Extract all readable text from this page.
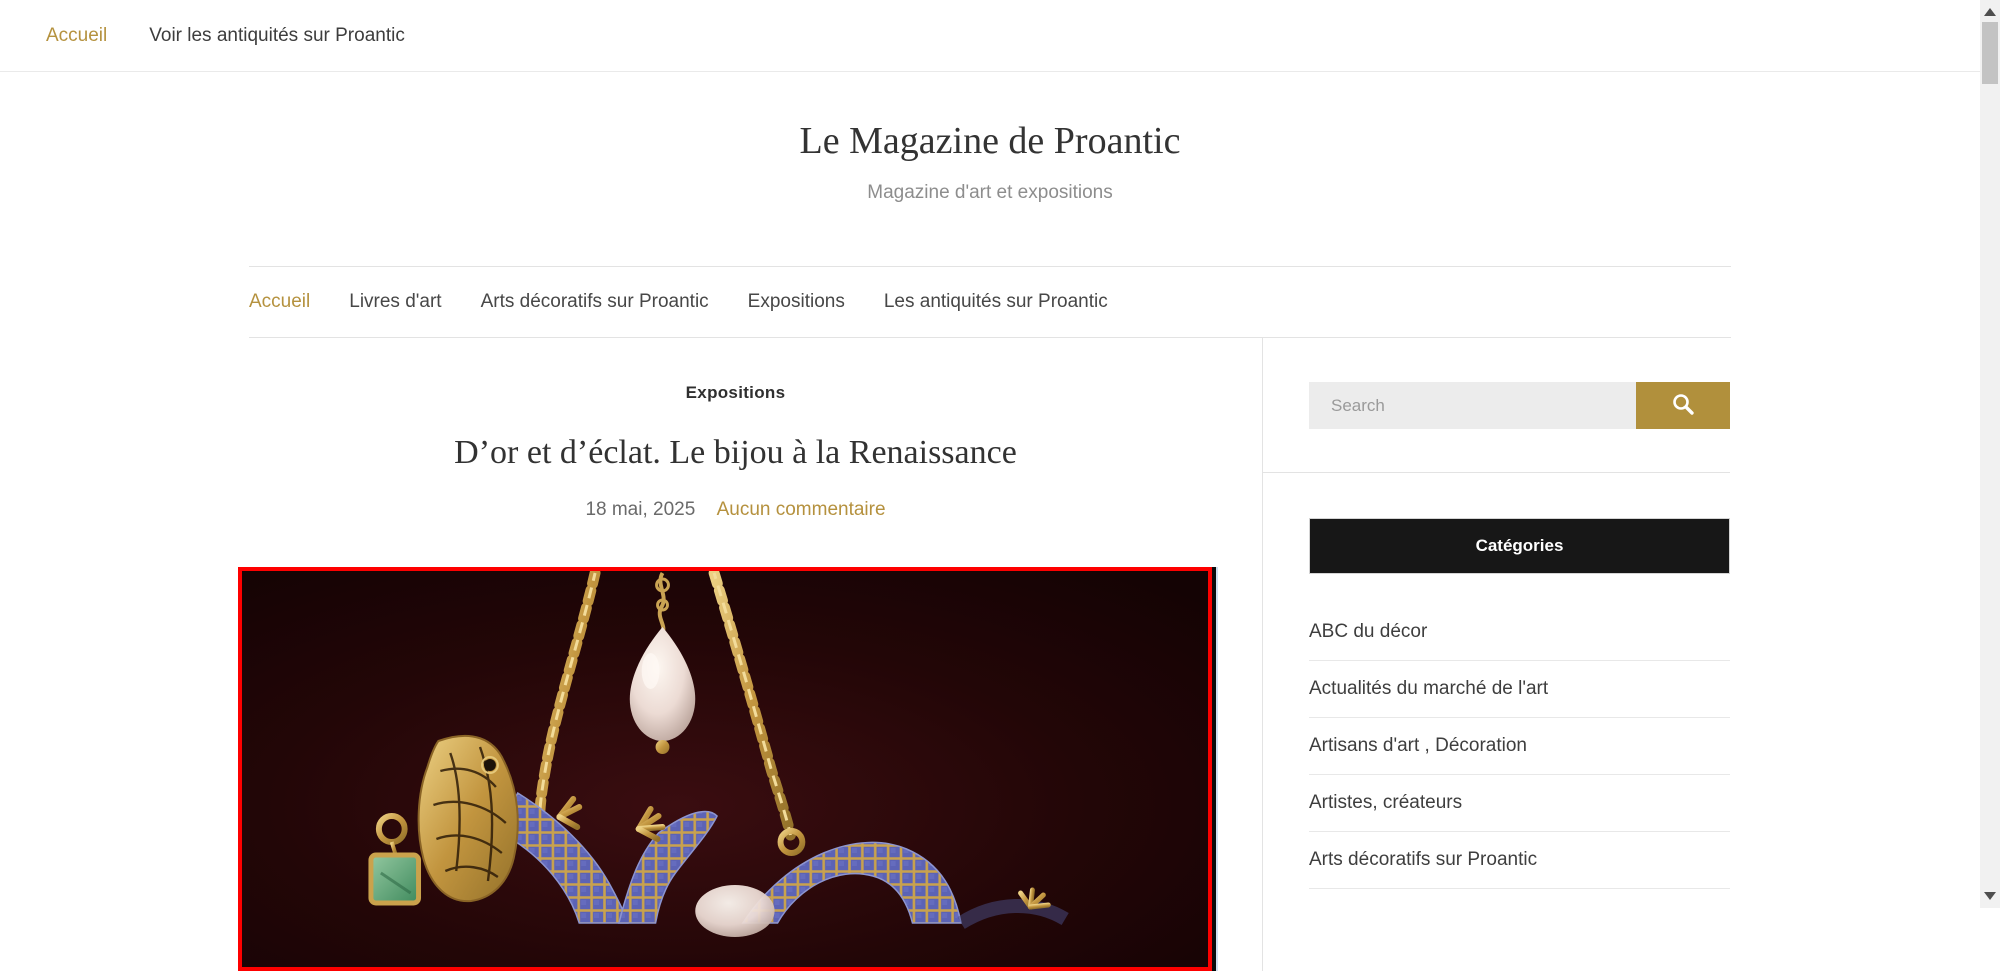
Accueil Voir les antiquités sur Proantic
Le Magazine de Proantic
Magazine d'art et expositions
Accueil Livres d'art Arts décoratifs sur Proantic Expositions Les antiquités sur Proantic
Expositions
D’or et d’éclat. Le bijou à la Renaissance
18 mai, 2025 Aucun commentaire
Search
Catégories
ABC du décor
Actualités du marché de l'art
Artisans d'art , Décoration
Artistes, créateurs
Arts décoratifs sur Proantic
